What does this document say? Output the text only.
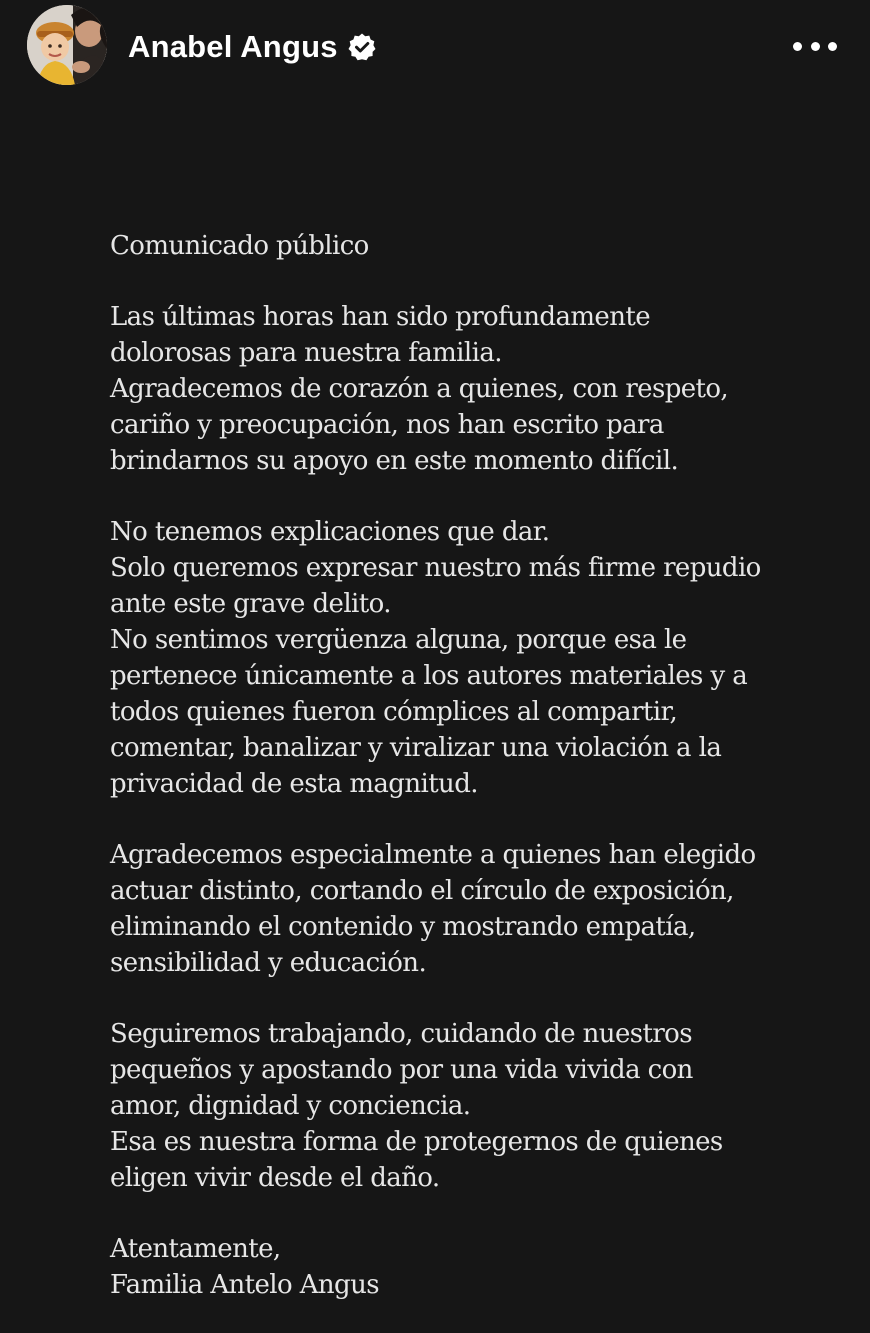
Anabel Angus
Comunicado público
Las últimas horas han sido profundamente
dolorosas para nuestra familia.
Agradecemos de corazón a quienes, con respeto,
cariño y preocupación, nos han escrito para
brindarnos su apoyo en este momento difícil.
No tenemos explicaciones que dar.
Solo queremos expresar nuestro más firme repudio
ante este grave delito.
No sentimos vergüenza alguna, porque esa le
pertenece únicamente a los autores materiales y a
todos quienes fueron cómplices al compartir,
comentar, banalizar y viralizar una violación a la
privacidad de esta magnitud.
Agradecemos especialmente a quienes han elegido
actuar distinto, cortando el círculo de exposición,
eliminando el contenido y mostrando empatía,
sensibilidad y educación.
Seguiremos trabajando, cuidando de nuestros
pequeños y apostando por una vida vivida con
amor, dignidad y conciencia.
Esa es nuestra forma de protegernos de quienes
eligen vivir desde el daño.
Atentamente,
Familia Antelo Angus
